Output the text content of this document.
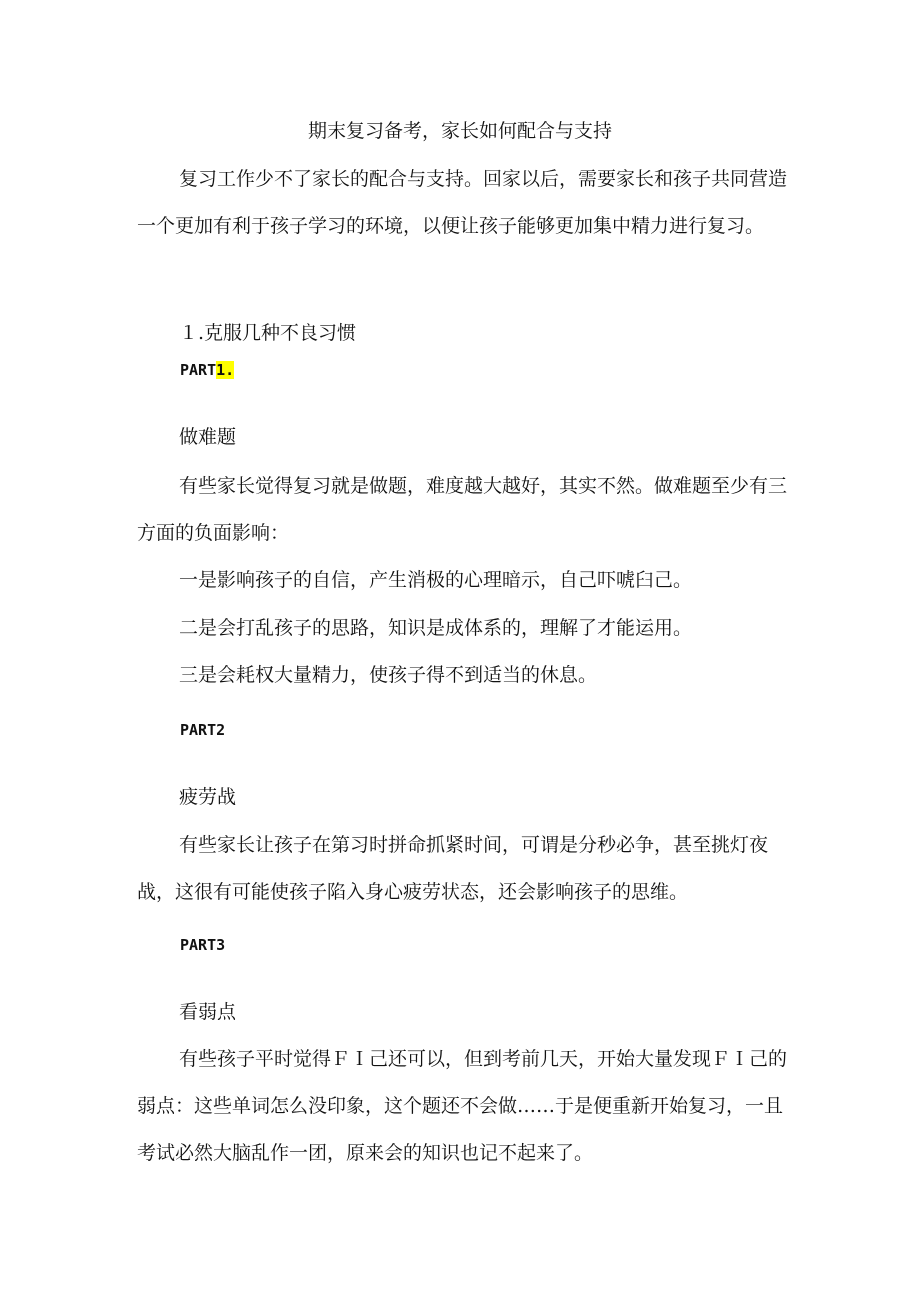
期末复习备考，家长如何配合与支持

复习工作少不了家长的配合与支持。回家以后，需要家长和孩子共同营造一个更加有利于孩子学习的环境，以便让孩子能够更加集中精力进行复习。

１.克服几种不良习惯
PART1.
做难题

有些家长觉得复习就是做题，难度越大越好，其实不然。做难题至少有三方面的负面影响：

一是影响孩子的自信，产生消极的心理暗示，自己吓唬臼己。

二是会打乱孩子的思路，知识是成体系的，理解了才能运用。

三是会耗权大量精力，使孩子得不到适当的休息。

PART2
疲劳战

有些家长让孩子在第习时拼命抓紧时间，可谓是分秒必争，甚至挑灯夜战，这很有可能使孩子陷入身心疲劳状态，还会影响孩子的思维。

PART3
看弱点

有些孩子平时觉得ＦＩ己还可以，但到考前几天，开始大量发现ＦＩ己的弱点：这些单词怎么没印象，这个题还不会做……于是便重新开始复习，一且考试必然大脑乱作一团，原来会的知识也记不起来了。
